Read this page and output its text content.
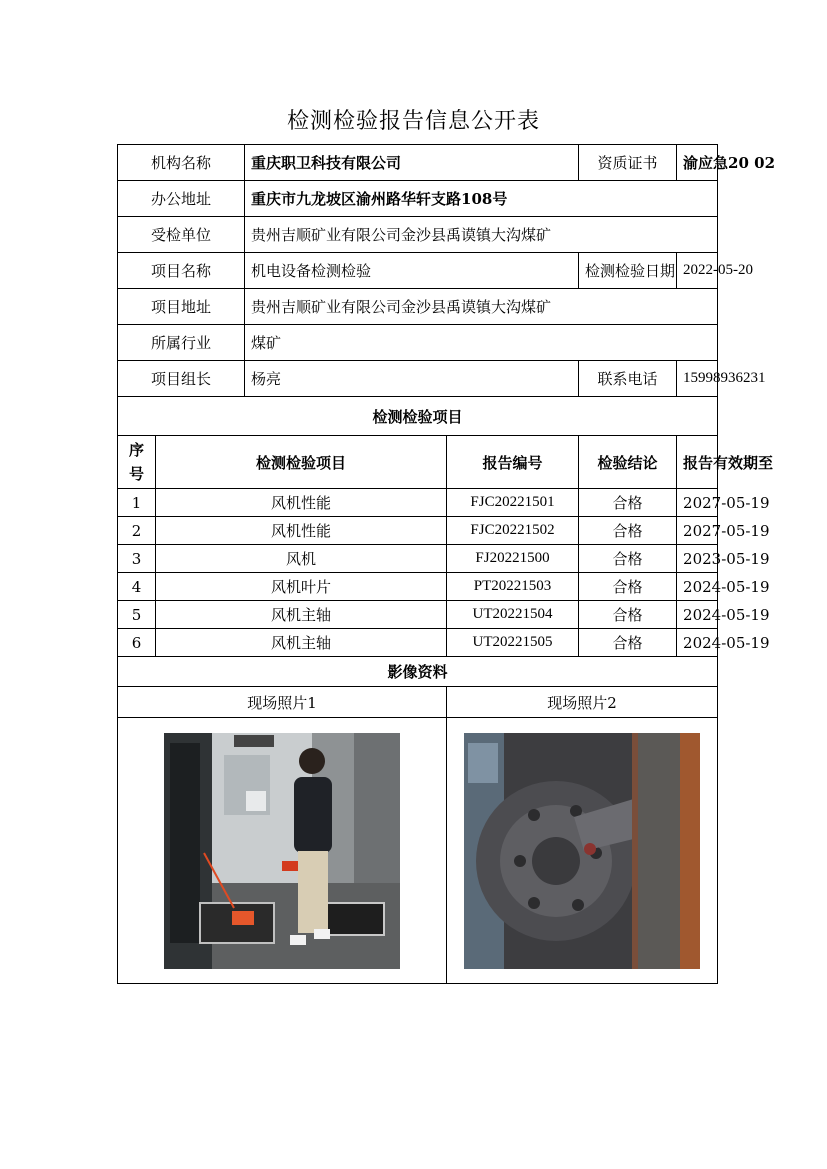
检测检验报告信息公开表
机构名称		重庆职卫科技有限公司		资质证书	渝应急20 02
办公地址		重庆市九龙坡区渝州路华轩支路108号			
受检单位		贵州吉顺矿业有限公司金沙县禹谟镇大沟煤矿			
项目名称		机电设备检测检验		检测检验日期	2022-05-20
项目地址		贵州吉顺矿业有限公司金沙县禹谟镇大沟煤矿			
所属行业		煤矿			
项目组长		杨亮		联系电话	15998936231
检测检验项目					
序号	检测检验项目		报告编号	检验结论	报告有效期至
1	风机性能		FJC20221501	合格	2027-05-19
2	风机性能		FJC20221502	合格	2027-05-19
3	风机		FJ20221500	合格	2023-05-19
4	风机叶片		PT20221503	合格	2024-05-19
5	风机主轴		UT20221504	合格	2024-05-19
6	风机主轴		UT20221505	合格	2024-05-19
影像资料					
现场照片1			现场照片2		
